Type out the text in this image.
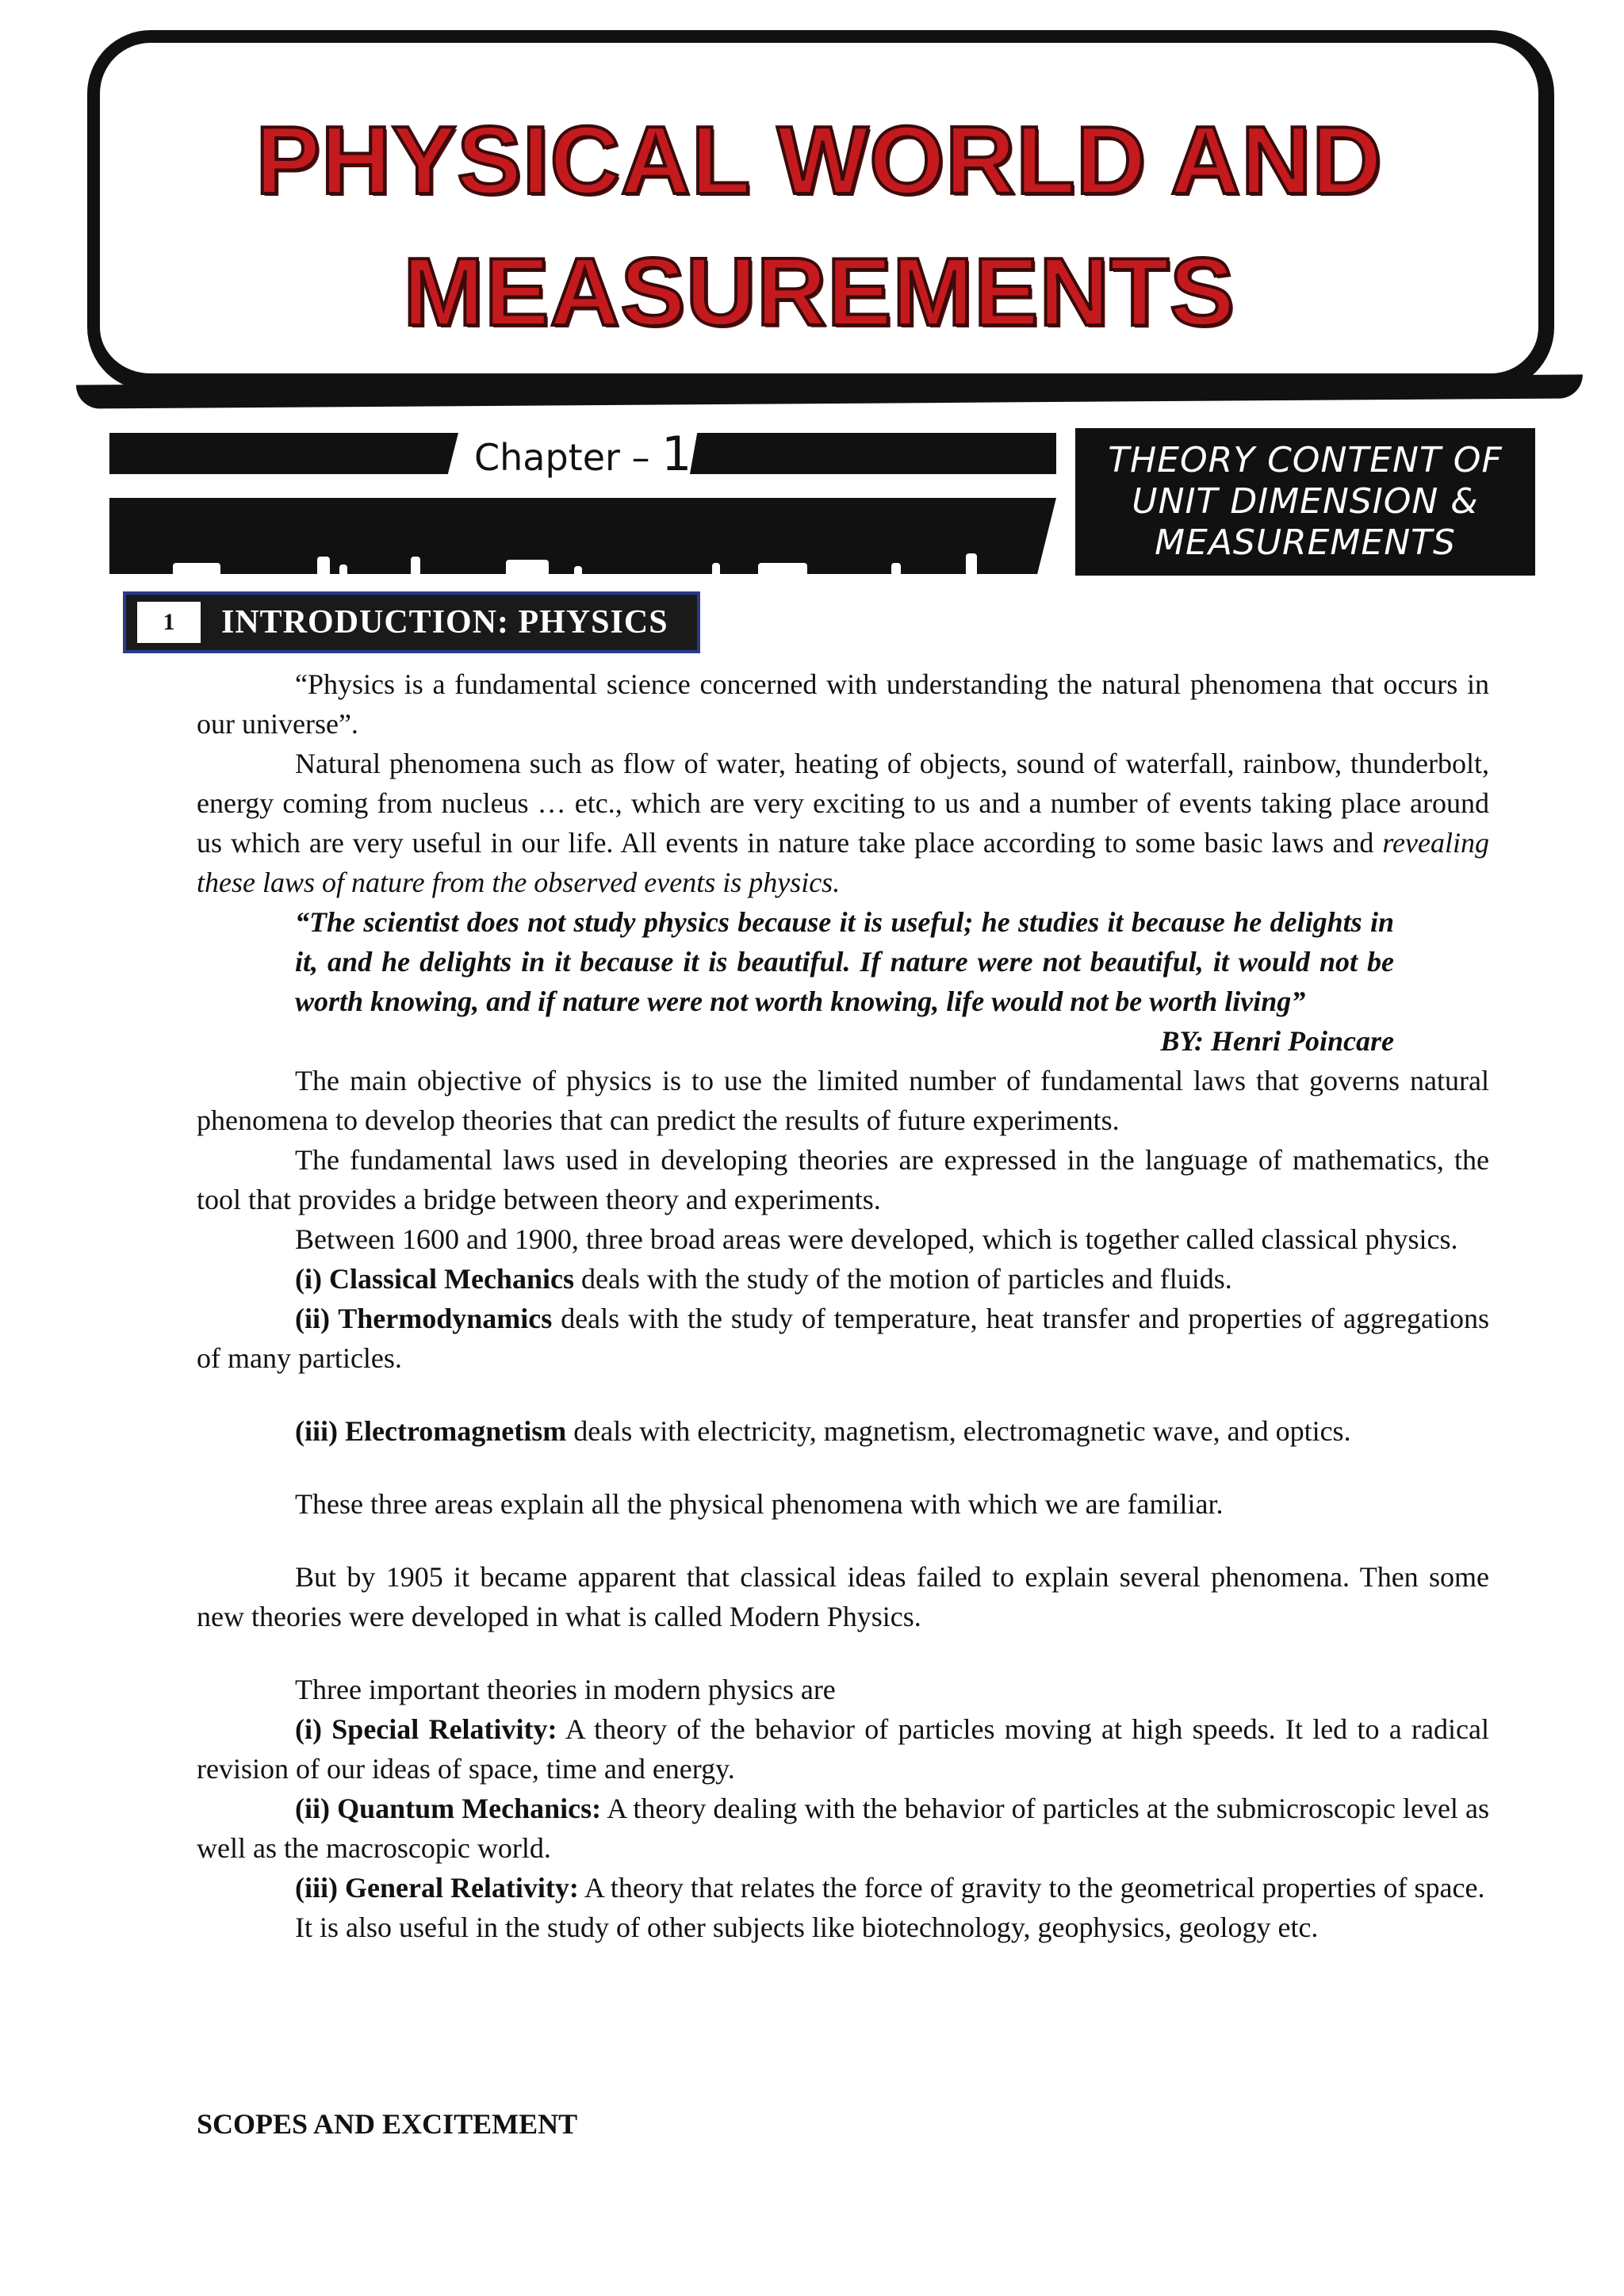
PHYSICAL WORLD AND
MEASUREMENTS
Chapter – 1	THEORY CONTENT OF
UNIT DIMENSION &
MEASUREMENTS
1	INTRODUCTION: PHYSICS

“Physics is a fundamental science concerned with understanding the natural phenomena that occurs in our universe”.

Natural phenomena such as flow of water, heating of objects, sound of waterfall, rainbow, thunderbolt, energy coming from nucleus … etc., which are very exciting to us and a number of events taking place around us which are very useful in our life. All events in nature take place according to some basic laws and revealing these laws of nature from the observed events is physics.

“The scientist does not study physics because it is useful; he studies it because he delights in it, and he delights in it because it is beautiful. If nature were not beautiful, it would not be worth knowing, and if nature were not worth knowing, life would not be worth living”

BY: Henri Poincare

The main objective of physics is to use the limited number of fundamental laws that governs natural phenomena to develop theories that can predict the results of future experiments.

The fundamental laws used in developing theories are expressed in the language of mathematics, the tool that provides a bridge between theory and experiments.

Between 1600 and 1900, three broad areas were developed, which is together called classical physics.

(i) Classical Mechanics deals with the study of the motion of particles and fluids.

(ii) Thermodynamics deals with the study of temperature, heat transfer and properties of aggregations of many particles.

(iii) Electromagnetism deals with electricity, magnetism, electromagnetic wave, and optics.

These three areas explain all the physical phenomena with which we are familiar.

But by 1905 it became apparent that classical ideas failed to explain several phenomena. Then some new theories were developed in what is called Modern Physics.

Three important theories in modern physics are

(i) Special Relativity: A theory of the behavior of particles moving at high speeds. It led to a radical revision of our ideas of space, time and energy.

(ii) Quantum Mechanics: A theory dealing with the behavior of particles at the submicroscopic level as well as the macroscopic world.

(iii) General Relativity: A theory that relates the force of gravity to the geometrical properties of space.

It is also useful in the study of other subjects like biotechnology, geophysics, geology etc.

SCOPES AND EXCITEMENT
